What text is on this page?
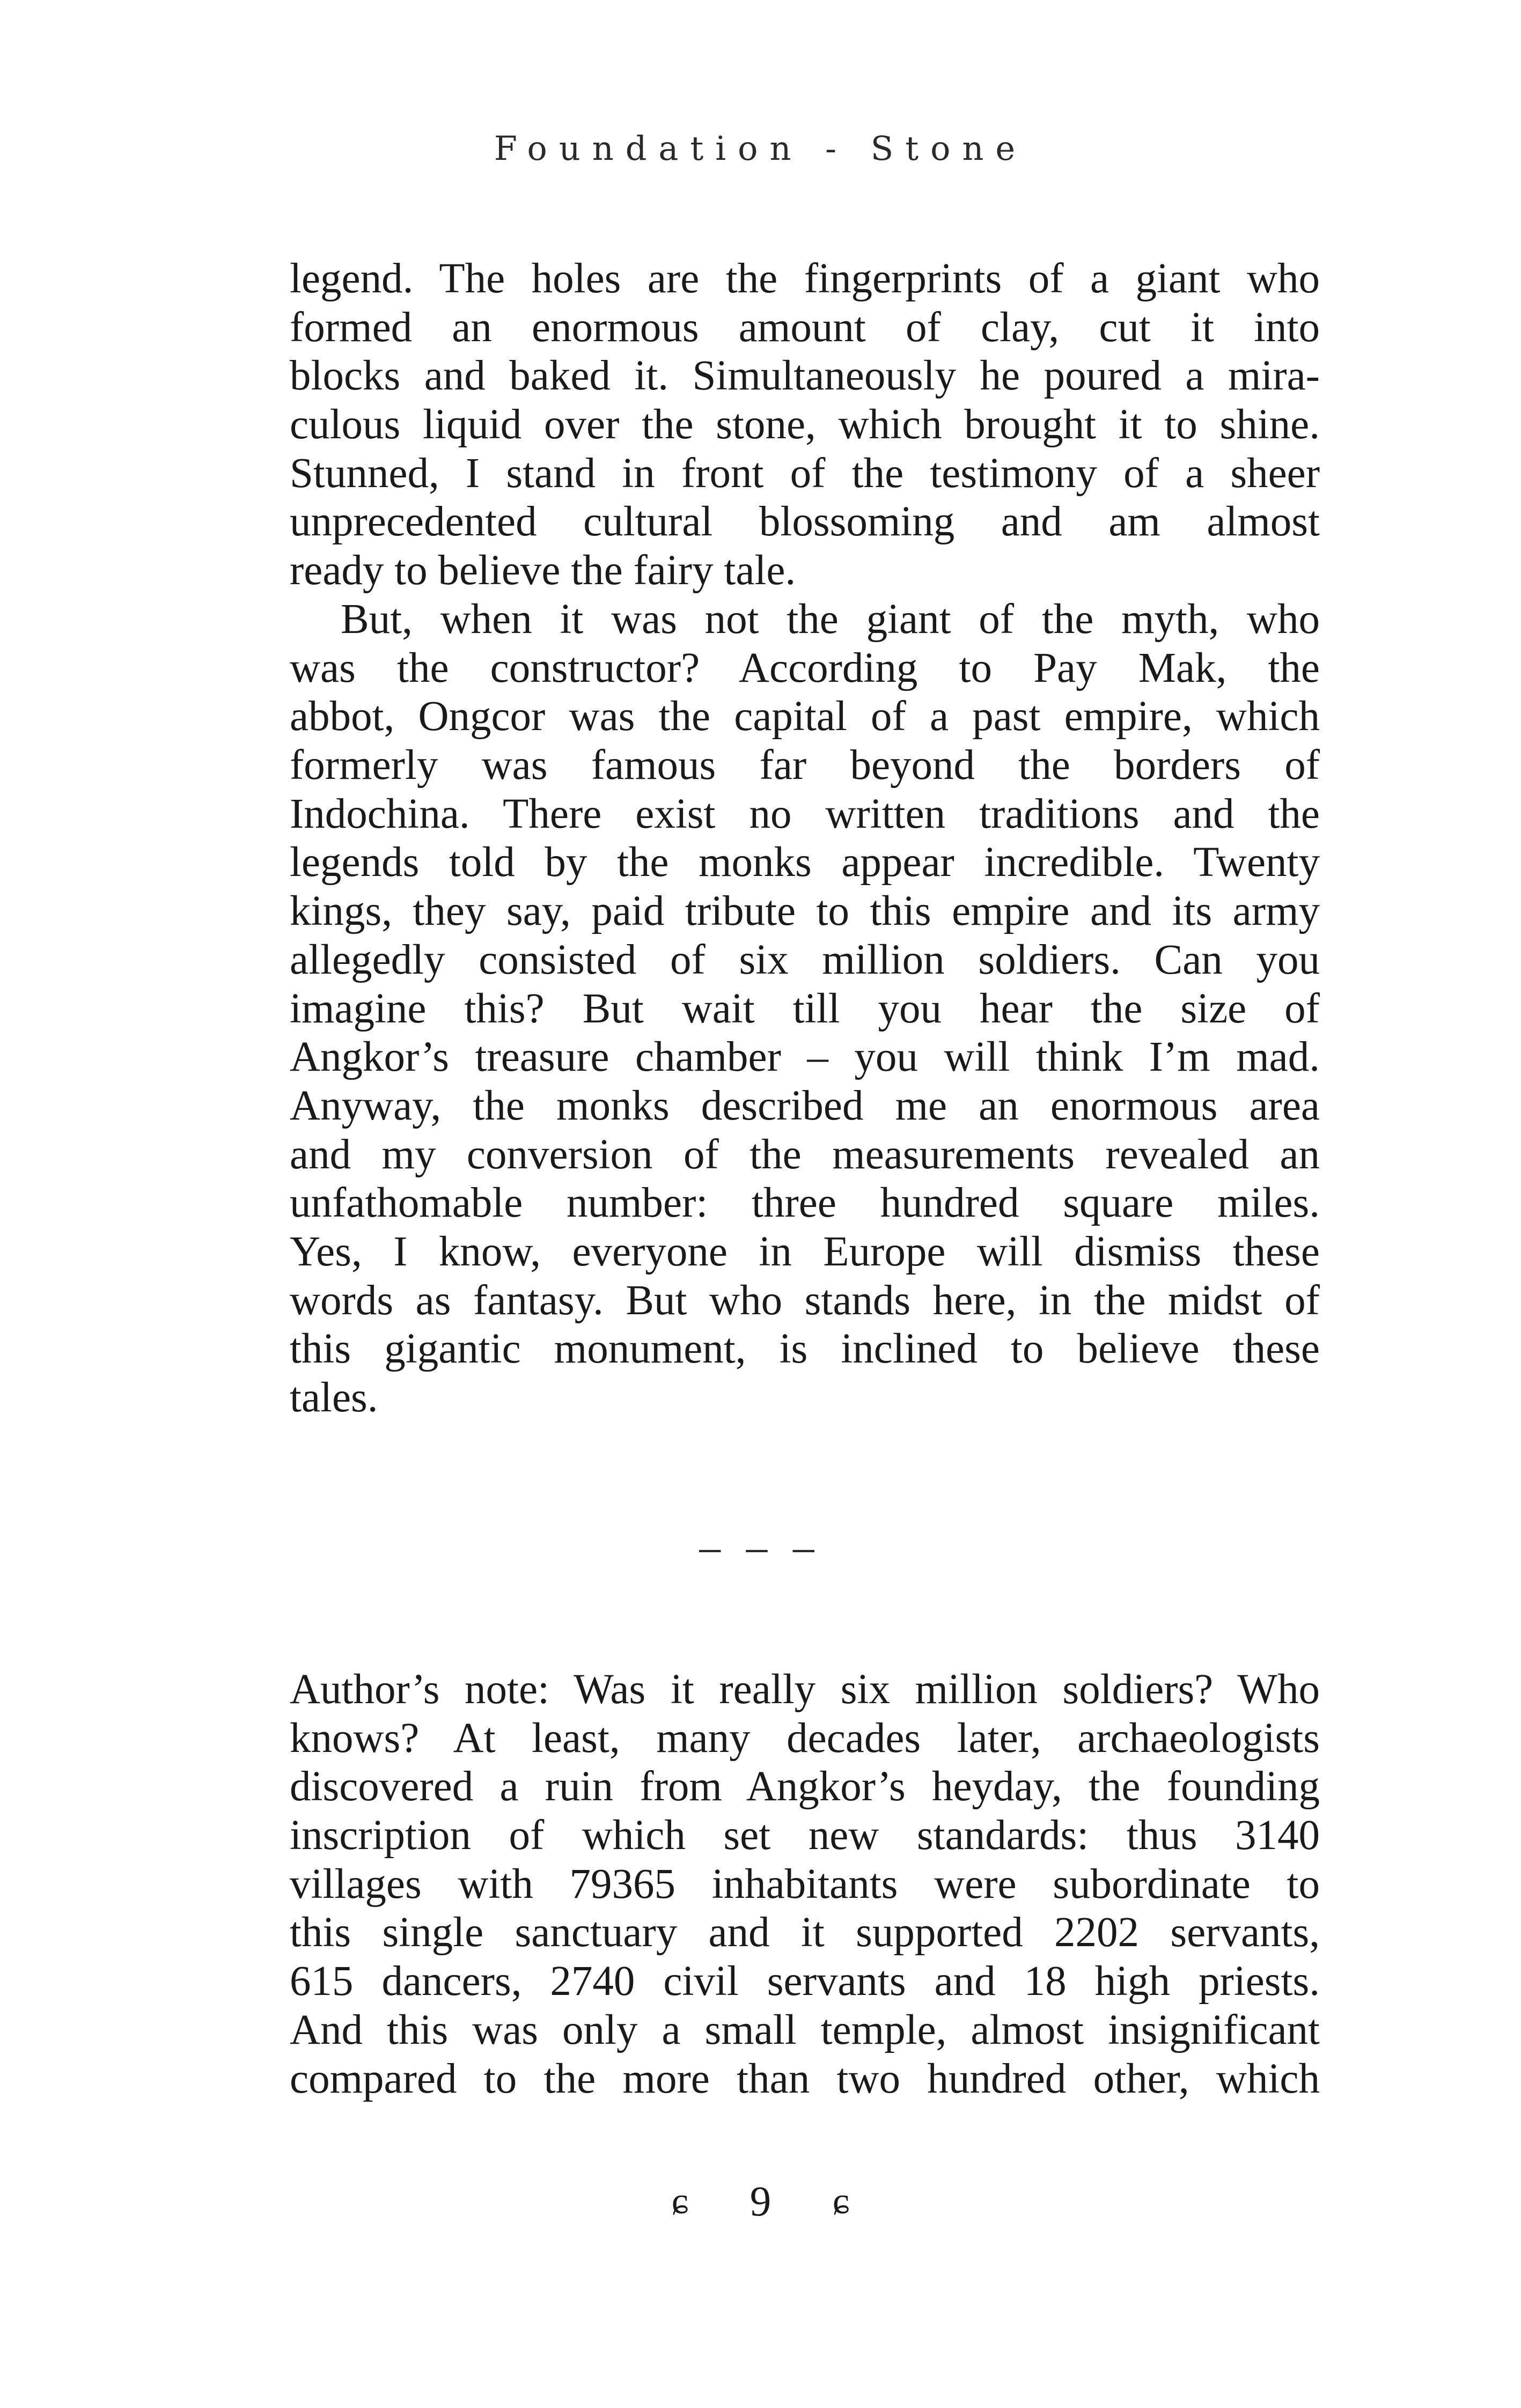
Foundation - Stone
legend. The holes are the fingerprints of a giant who
formed an enormous amount of clay, cut it into
blocks and baked it. Simultaneously he poured a mira-
culous liquid over the stone, which brought it to shine.
Stunned, I stand in front of the testimony of a sheer
unprecedented cultural blossoming and am almost
ready to believe the fairy tale.
But, when it was not the giant of the myth, who
was the constructor? According to Pay Mak, the
abbot, Ongcor was the capital of a past empire, which
formerly was famous far beyond the borders of
Indochina. There exist no written traditions and the
legends told by the monks appear incredible. Twenty
kings, they say, paid tribute to this empire and its army
allegedly consisted of six million soldiers. Can you
imagine this? But wait till you hear the size of
Angkor’s treasure chamber – you will think I’m mad.
Anyway, the monks described me an enormous area
and my conversion of the measurements revealed an
unfathomable number: three hundred square miles.
Yes, I know, everyone in Europe will dismiss these
words as fantasy. But who stands here, in the midst of
this gigantic monument, is inclined to believe these
tales.
– – –
Author’s note: Was it really six million soldiers? Who
knows? At least, many decades later, archaeologists
discovered a ruin from Angkor’s heyday, the founding
inscription of which set new standards: thus 3140
villages with 79365 inhabitants were subordinate to
this single sanctuary and it supported 2202 servants,
615 dancers, 2740 civil servants and 18 high priests.
And this was only a small temple, almost insignificant
compared to the more than two hundred other, which
ɕ 9 ɕ
